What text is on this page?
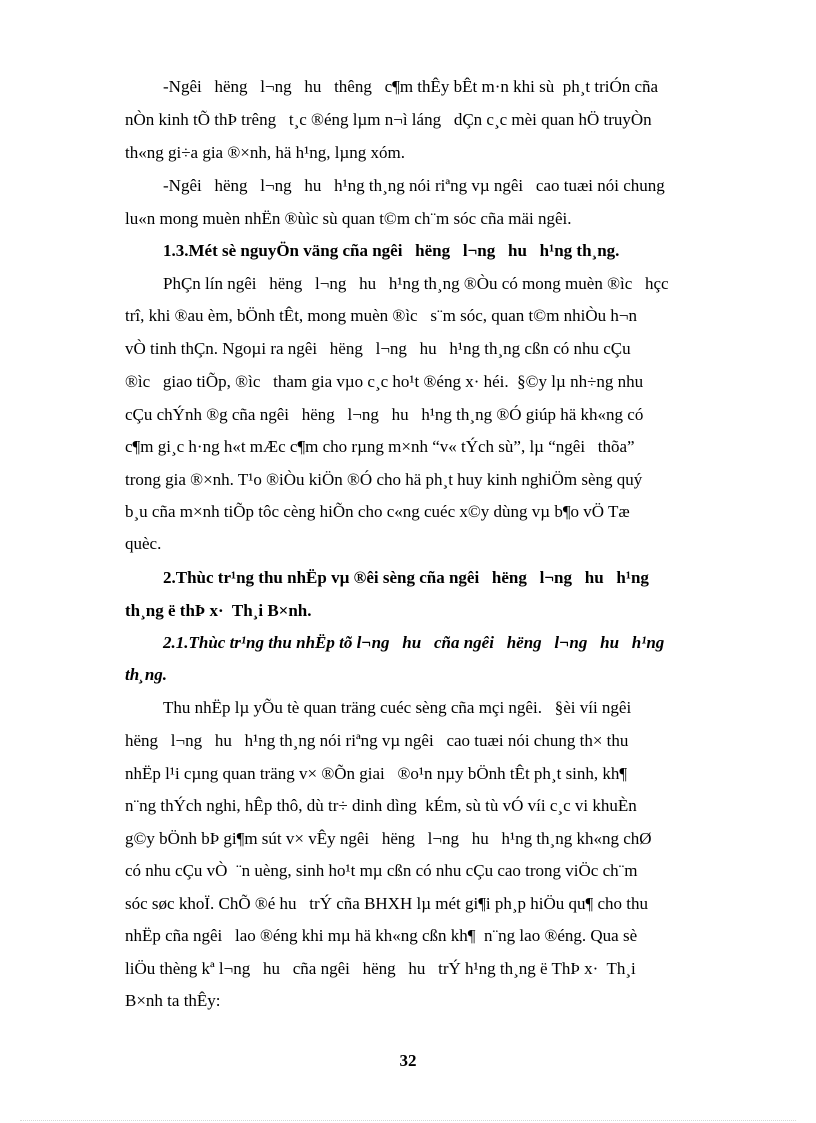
-Ngêi   hëng   l¬ng   hu   thêng   c¶m thÊy bÊt m·n khi sù  ph¸t triÓn cña
nÒn kinh tÕ thÞ trêng   t¸c ®éng lµm n¬ì láng   dÇn c¸c mèi quan hÖ truyÒn
th«ng gi÷a gia ®×nh, hä h¹ng, lµng xóm.
-Ngêi   hëng   l¬ng   hu   h¹ng th¸ng nói riªng vµ ngêi   cao tuæi nói chung
lu«n mong muèn nhËn ®ùìc sù quan t©m ch¨m sóc cña mäi ngêi.
1.3.Mét sè nguyÖn väng cña ngêi   hëng   l¬ng   hu   h¹ng th¸ng.
PhÇn lín ngêi   hëng   l¬ng   hu   h¹ng th¸ng ®Òu có mong muèn ®ìc   hçc
trî, khi ®au èm, bÖnh tÊt, mong muèn ®ìc   s¨m sóc, quan t©m nhiÒu h¬n
vÒ tinh thÇn. Ngoµi ra ngêi   hëng   l¬ng   hu   h¹ng th¸ng cßn có nhu cÇu
®ìc   giao tiÕp, ®ìc   tham gia vµo c¸c ho¹t ®éng x· héi.  §©y lµ nh÷ng nhu
cÇu chÝnh ®g cña ngêi   hëng   l¬ng   hu   h¹ng th¸ng ®Ó giúp hä kh«ng có
c¶m gi¸c h·ng h«t mÆc c¶m cho rµng m×nh “v« tÝch sù”, lµ “ngêi   thõa”
trong gia ®×nh. T¹o ®iÒu kiÖn ®Ó cho hä ph¸t huy kinh nghiÖm sèng quý
b¸u cña m×nh tiÕp tôc cèng hiÕn cho c«ng cuéc x©y dùng vµ b¶o vÖ Tæ
quèc.
2.Thùc tr¹ng thu nhËp vµ ®êi sèng cña ngêi   hëng   l¬ng   hu   h¹ng
th¸ng ë thÞ x·  Th¸i B×nh.
2.1.Thùc tr¹ng thu nhËp tõ l¬ng   hu   cña ngêi   hëng   l¬ng   hu   h¹ng
th¸ng.
Thu nhËp lµ yÕu tè quan träng cuéc sèng cña mçi ngêi.   §èi víi ngêi
hëng   l¬ng   hu   h¹ng th¸ng nói riªng vµ ngêi   cao tuæi nói chung th× thu
nhËp l¹i cµng quan träng v× ®Õn giai   ®o¹n nµy bÖnh tÊt ph¸t sinh, kh¶
n¨ng thÝch nghi, hÊp thô, dù tr÷ dinh dìng  kÉm, sù tù vÓ víi c¸c vi khuÈn
g©y bÖnh bÞ gi¶m sút v× vÊy ngêi   hëng   l¬ng   hu   h¹ng th¸ng kh«ng chØ
có nhu cÇu vÒ  ¨n uèng, sinh ho¹t mµ cßn có nhu cÇu cao trong viÖc ch¨m
sóc søc khoÏ. ChÕ ®é hu   trÝ cña BHXH lµ mét gi¶i ph¸p hiÖu qu¶ cho thu
nhËp cña ngêi   lao ®éng khi mµ hä kh«ng cßn kh¶  n¨ng lao ®éng. Qua sè
liÖu thèng kª l¬ng   hu   cña ngêi   hëng   hu   trÝ h¹ng th¸ng ë ThÞ x·  Th¸i
B×nh ta thÊy:
32
